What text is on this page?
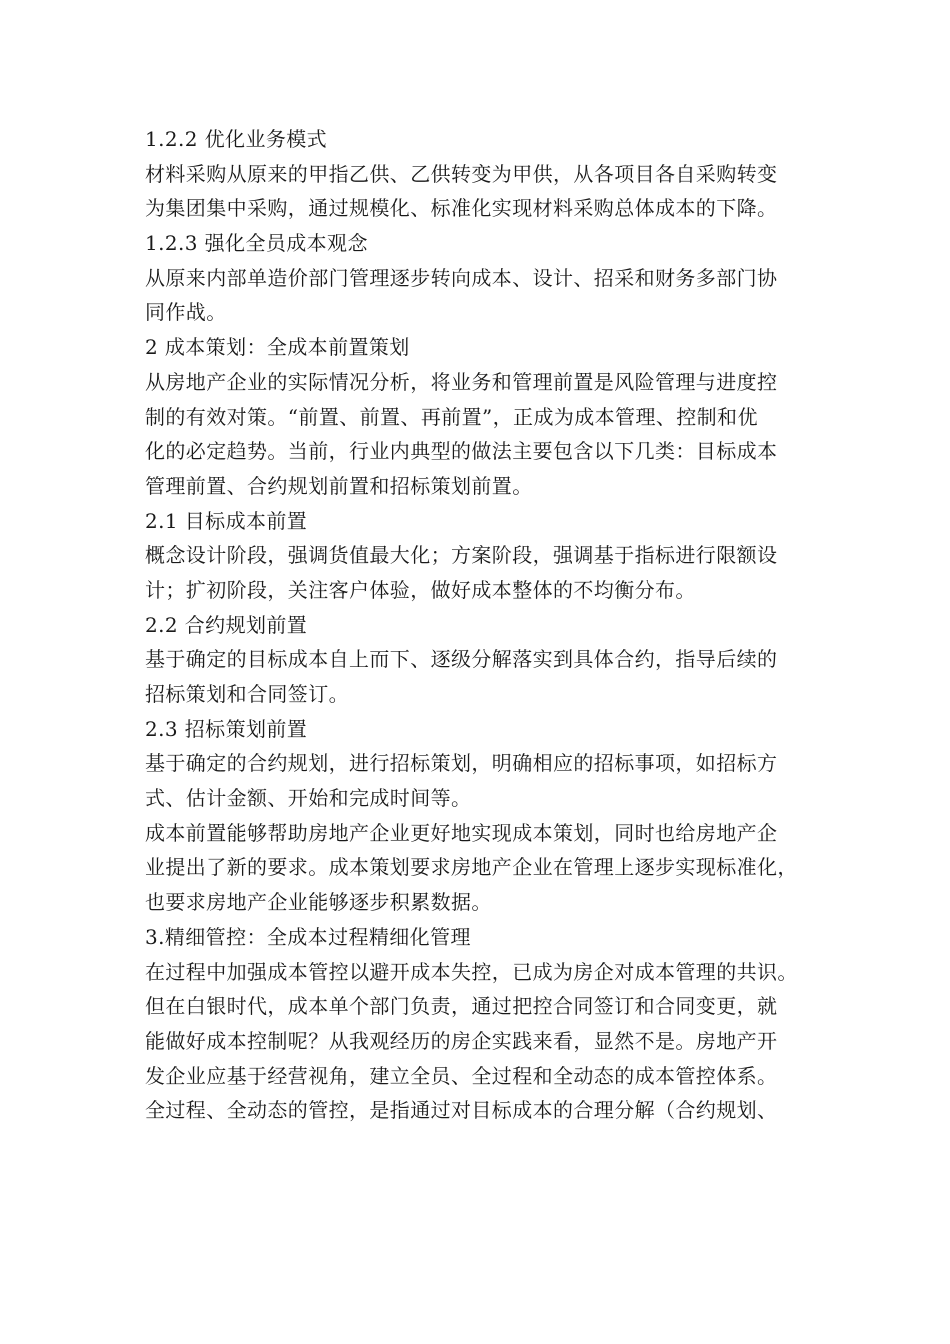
1.2.2 优化业务模式
材料采购从原来的甲指乙供、乙供转变为甲供，从各项目各自采购转变
为集团集中采购，通过规模化、标准化实现材料采购总体成本的下降。
1.2.3 强化全员成本观念
从原来内部单造价部门管理逐步转向成本、设计、招采和财务多部门协
同作战。
2 成本策划：全成本前置策划
从房地产企业的实际情况分析，将业务和管理前置是风险管理与进度控
制的有效对策。“前置、前置、再前置”，正成为成本管理、控制和优
化的必定趋势。当前，行业内典型的做法主要包含以下几类：目标成本
管理前置、合约规划前置和招标策划前置。
2.1 目标成本前置
概念设计阶段，强调货值最大化；方案阶段，强调基于指标进行限额设
计；扩初阶段，关注客户体验，做好成本整体的不均衡分布。
2.2 合约规划前置
基于确定的目标成本自上而下、逐级分解落实到具体合约，指导后续的
招标策划和合同签订。
2.3 招标策划前置
基于确定的合约规划，进行招标策划，明确相应的招标事项，如招标方
式、估计金额、开始和完成时间等。
成本前置能够帮助房地产企业更好地实现成本策划，同时也给房地产企
业提出了新的要求。成本策划要求房地产企业在管理上逐步实现标准化，
也要求房地产企业能够逐步积累数据。
3.精细管控：全成本过程精细化管理
在过程中加强成本管控以避开成本失控，已成为房企对成本管理的共识。
但在白银时代，成本单个部门负责，通过把控合同签订和合同变更，就
能做好成本控制呢？从我观经历的房企实践来看，显然不是。房地产开
发企业应基于经营视角，建立全员、全过程和全动态的成本管控体系。
全过程、全动态的管控，是指通过对目标成本的合理分解（合约规划、
